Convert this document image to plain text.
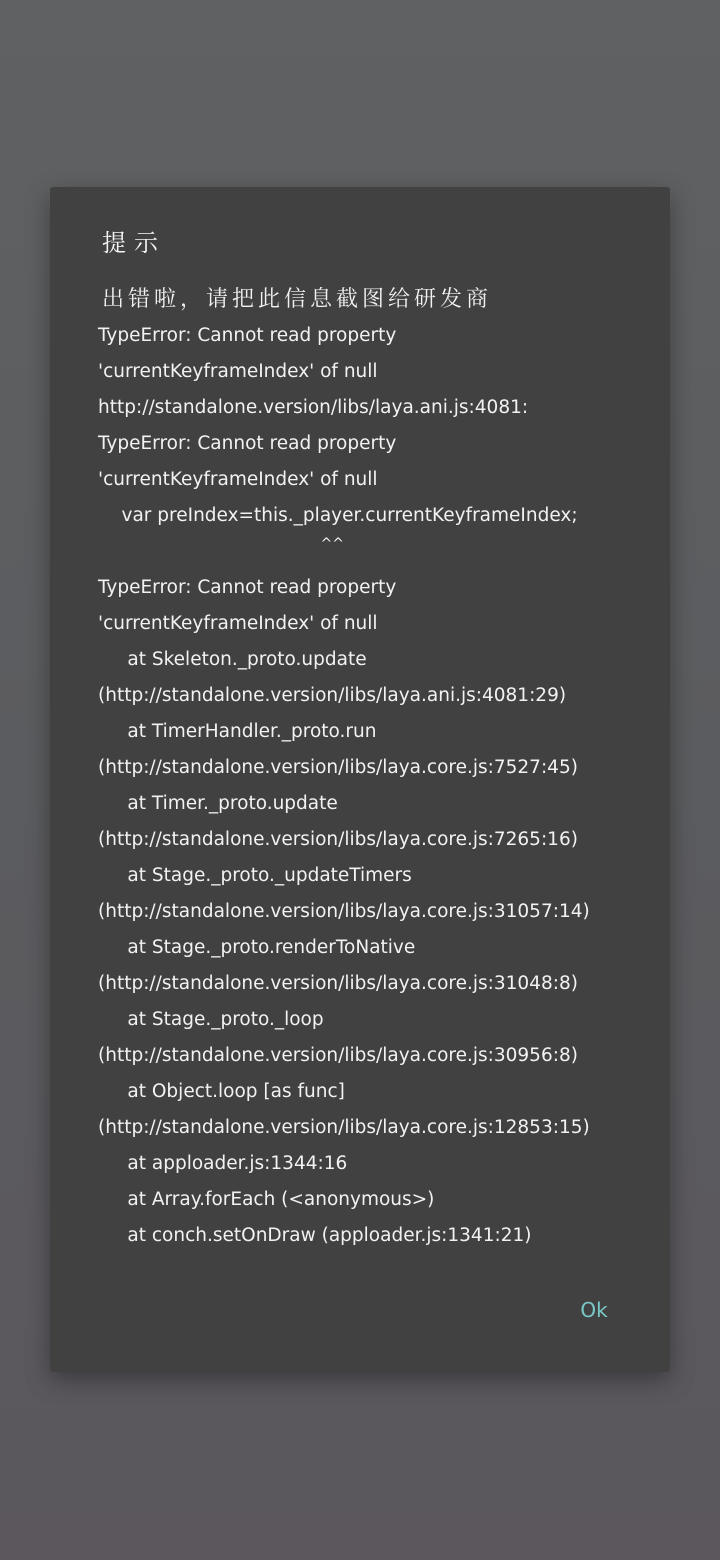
提示
出错啦，请把此信息截图给研发商
TypeError: Cannot read property
'currentKeyframeIndex' of null
http://standalone.version/libs/laya.ani.js:4081:
TypeError: Cannot read property
'currentKeyframeIndex' of null
var preIndex=this._player.currentKeyframeIndex;
^^
TypeError: Cannot read property
'currentKeyframeIndex' of null
at Skeleton._proto.update
(http://standalone.version/libs/laya.ani.js:4081:29)
at TimerHandler._proto.run
(http://standalone.version/libs/laya.core.js:7527:45)
at Timer._proto.update
(http://standalone.version/libs/laya.core.js:7265:16)
at Stage._proto._updateTimers
(http://standalone.version/libs/laya.core.js:31057:14)
at Stage._proto.renderToNative
(http://standalone.version/libs/laya.core.js:31048:8)
at Stage._proto._loop
(http://standalone.version/libs/laya.core.js:30956:8)
at Object.loop [as func]
(http://standalone.version/libs/laya.core.js:12853:15)
at apploader.js:1344:16
at Array.forEach (<anonymous>)
at conch.setOnDraw (apploader.js:1341:21)
Ok
